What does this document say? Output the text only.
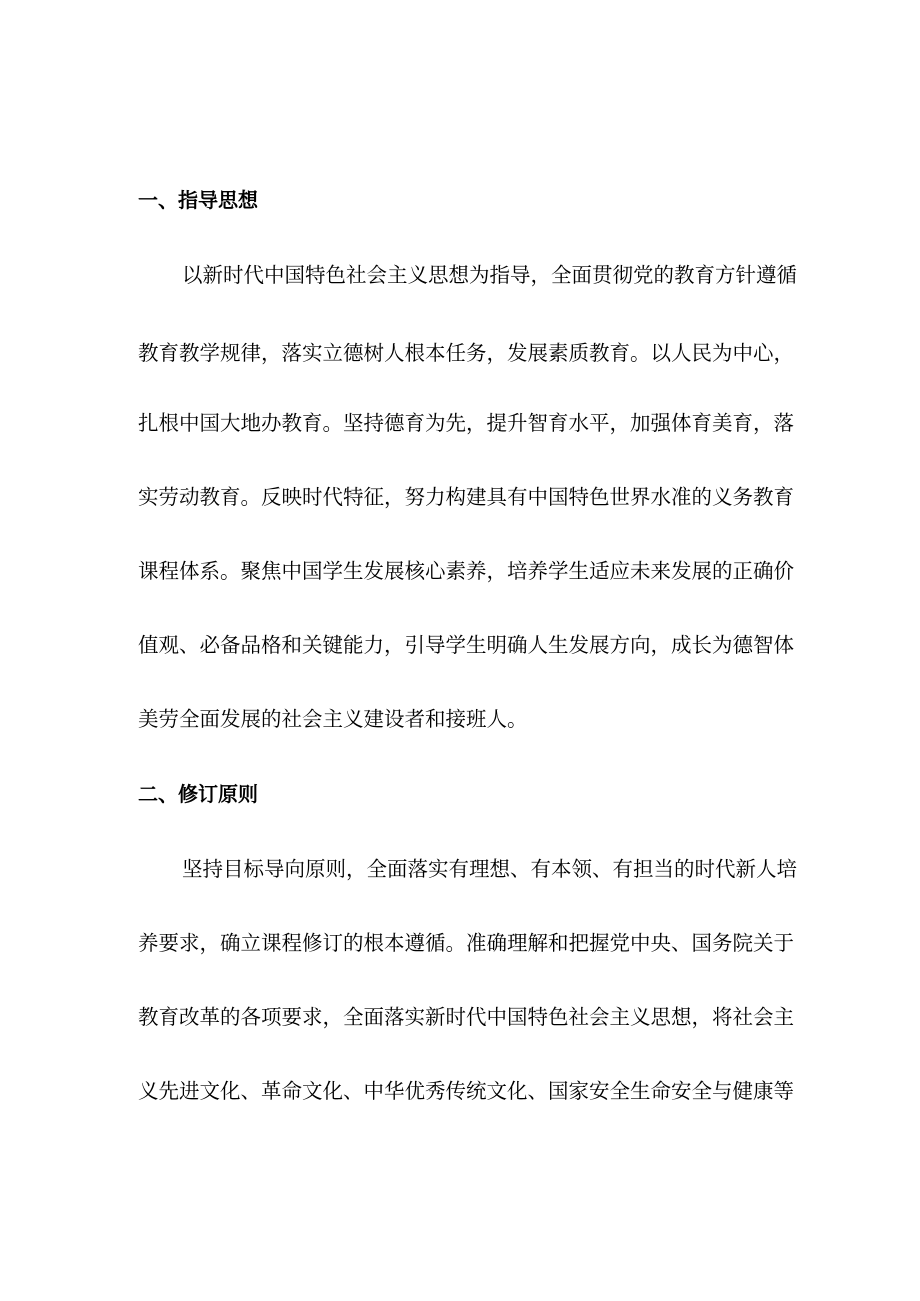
一、指导思想

以新时代中国特色社会主义思想为指导，全面贯彻党的教育方针遵循

教育教学规律，落实立德树人根本任务，发展素质教育。以人民为中心，

扎根中国大地办教育。坚持德育为先，提升智育水平，加强体育美育，落

实劳动教育。反映时代特征，努力构建具有中国特色世界水准的义务教育

课程体系。聚焦中国学生发展核心素养，培养学生适应未来发展的正确价

值观、必备品格和关键能力，引导学生明确人生发展方向，成长为德智体

美劳全面发展的社会主义建设者和接班人。

二、修订原则

坚持目标导向原则，全面落实有理想、有本领、有担当的时代新人培

养要求，确立课程修订的根本遵循。准确理解和把握党中央、国务院关于

教育改革的各项要求，全面落实新时代中国特色社会主义思想，将社会主

义先进文化、革命文化、中华优秀传统文化、国家安全生命安全与健康等
